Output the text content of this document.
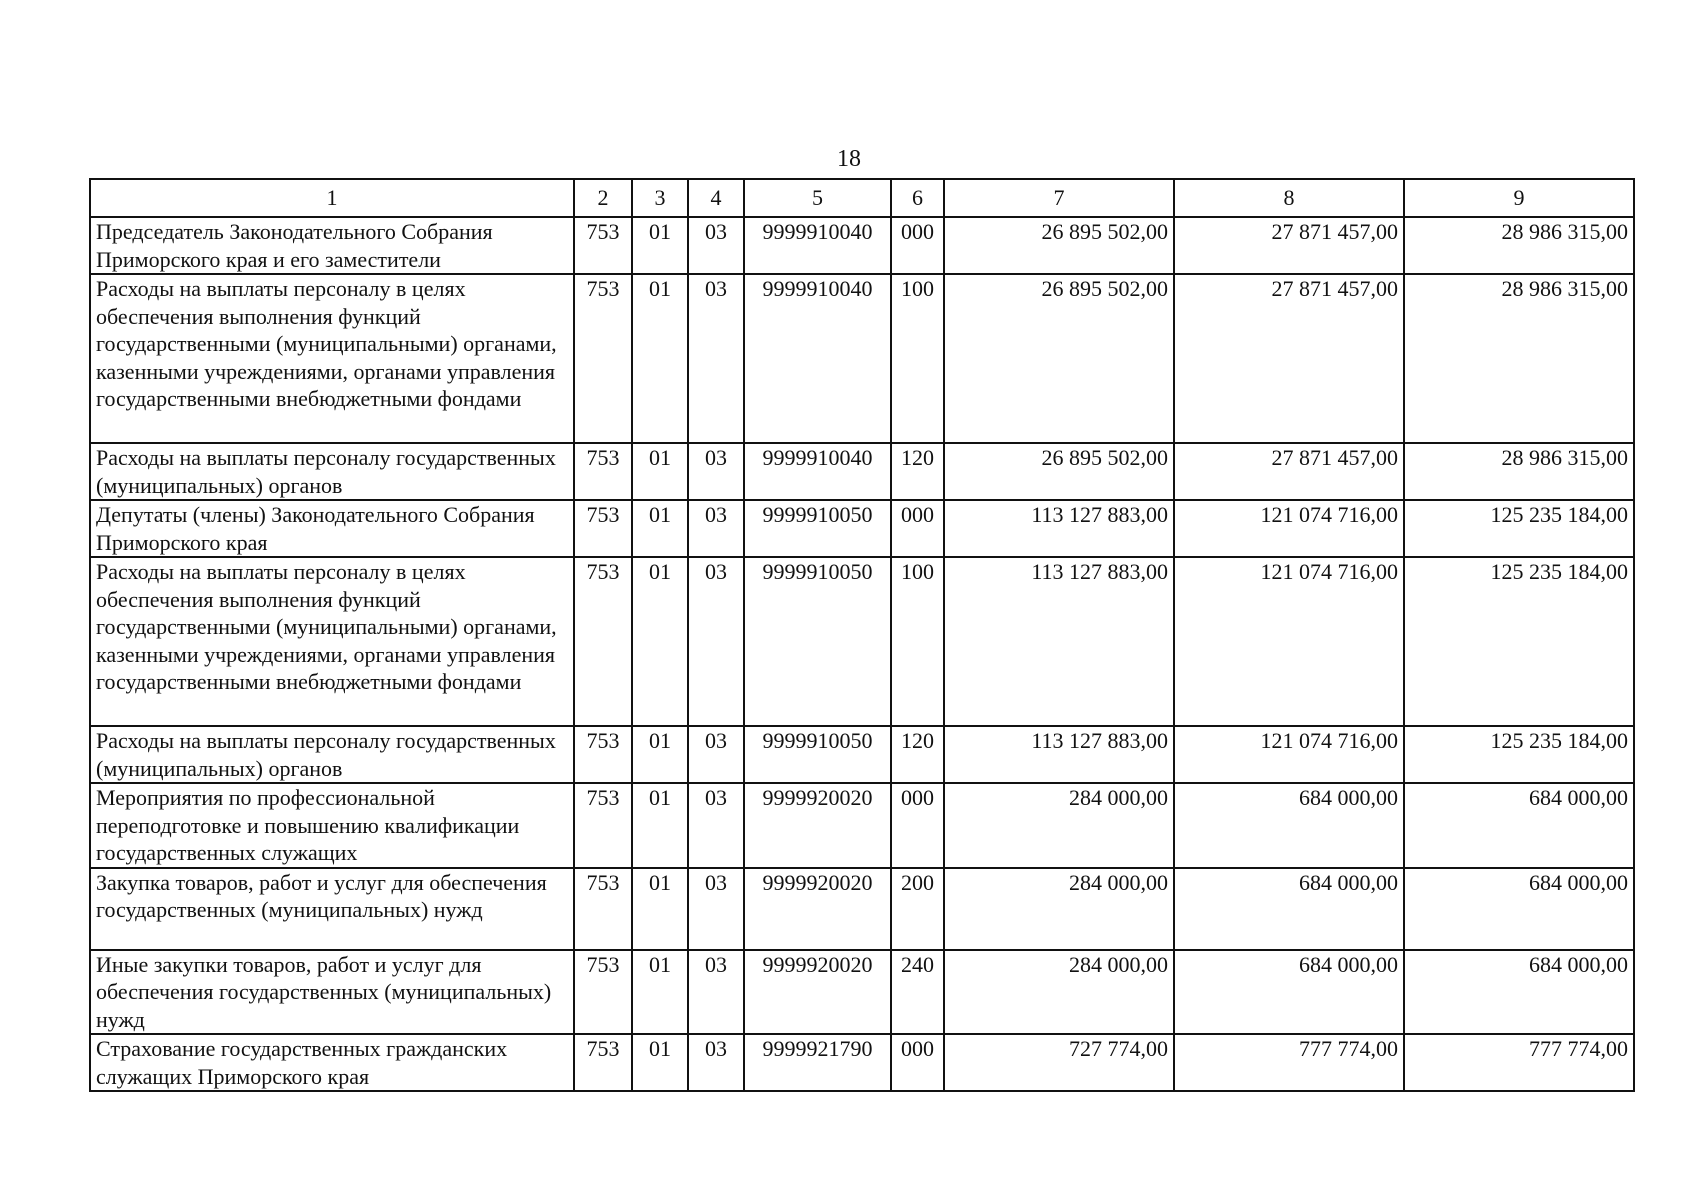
18
1	2	3	4	5	6	7	8	9
Председатель Законодательного Собрания Приморского края и его заместители	753	01	03	9999910040	000	26 895 502,00	27 871 457,00	28 986 315,00
Расходы на выплаты персоналу в целях обеспечения выполнения функций государственными (муниципальными) органами, казенными учреждениями, органами управления государственными внебюджетными фондами	753	01	03	9999910040	100	26 895 502,00	27 871 457,00	28 986 315,00
Расходы на выплаты персоналу государственных (муниципальных) органов	753	01	03	9999910040	120	26 895 502,00	27 871 457,00	28 986 315,00
Депутаты (члены) Законодательного Собрания Приморского края	753	01	03	9999910050	000	113 127 883,00	121 074 716,00	125 235 184,00
Расходы на выплаты персоналу в целях обеспечения выполнения функций государственными (муниципальными) органами, казенными учреждениями, органами управления государственными внебюджетными фондами	753	01	03	9999910050	100	113 127 883,00	121 074 716,00	125 235 184,00
Расходы на выплаты персоналу государственных (муниципальных) органов	753	01	03	9999910050	120	113 127 883,00	121 074 716,00	125 235 184,00
Мероприятия по профессиональной переподготовке и повышению квалификации государственных служащих	753	01	03	9999920020	000	284 000,00	684 000,00	684 000,00
Закупка товаров, работ и услуг для обеспечения государственных (муниципальных) нужд	753	01	03	9999920020	200	284 000,00	684 000,00	684 000,00
Иные закупки товаров, работ и услуг для обеспечения государственных (муниципальных) нужд	753	01	03	9999920020	240	284 000,00	684 000,00	684 000,00
Страхование государственных гражданских служащих Приморского края	753	01	03	9999921790	000	727 774,00	777 774,00	777 774,00
